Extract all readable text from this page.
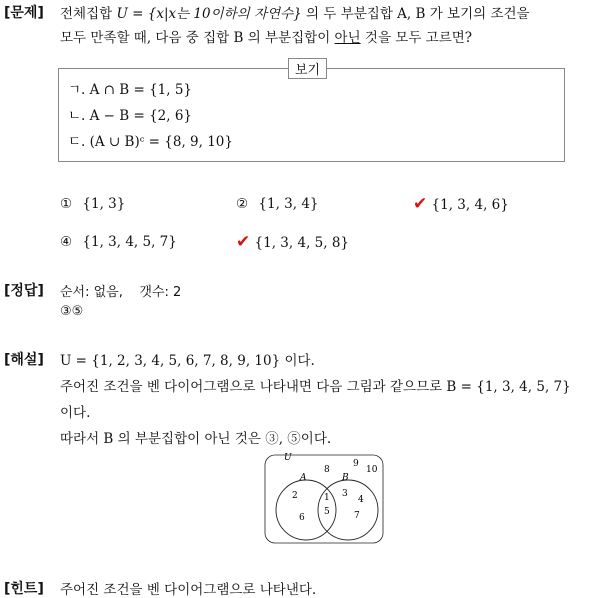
[문제] 전체집합 U = {x|x는 10이하의 자연수} 의 두 부분집합 A, B 가 보기의 조건을
모두 만족할 때, 다음 중 집합 B 의 부분집합이 아닌 것을 모두 고르면?
보기
ㄱ. A ∩ B = {1, 5}
ㄴ. A − B = {2, 6}
ㄷ. (A ∪ B)ᶜ = {8, 9, 10}
① {1, 3}	② {1, 3, 4}	✔ {1, 3, 4, 6}
④ {1, 3, 4, 5, 7}	✔ {1, 3, 4, 5, 8}
[정답] 순서: 없음,    갯수: 2
③⑤
[해설] U = {1, 2, 3, 4, 5, 6, 7, 8, 9, 10} 이다.
주어진 조건을 벤 다이어그램으로 나타내면 다음 그림과 같으므로 B = {1, 3, 4, 5, 7}
이다.
따라서 B 의 부분집합이 아닌 것은 ③, ⑤이다.
U
A	B
2
6
1
5
3
4
7
8
9
10
[힌트] 주어진 조건을 벤 다이어그램으로 나타낸다.
